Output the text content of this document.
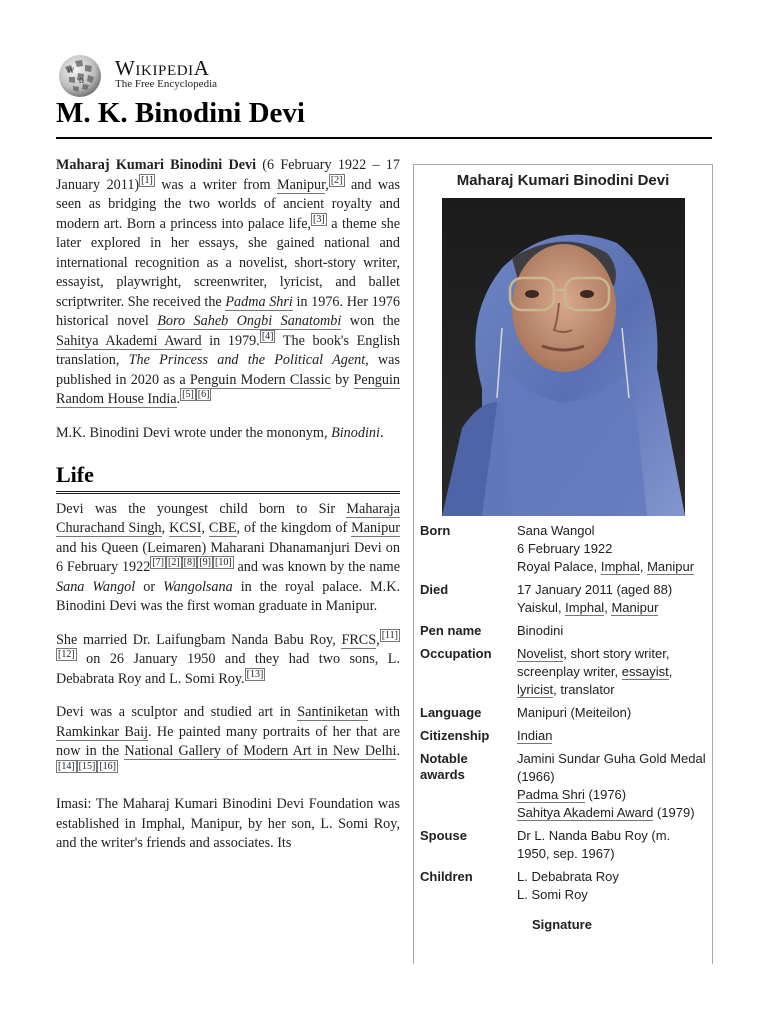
W
Ω
WIKIPEDIA
The Free Encyclopedia
M. K. Binodini Devi

Maharaj Kumari Binodini Devi (6 February 1922 – 17 January 2011) [1] was a writer from Manipur, [2] and was seen as bridging the two worlds of ancient royalty and modern art. Born a princess into palace life, [3] a theme she later explored in her essays, she gained national and international recognition as a novelist, short-story writer, essayist, playwright, screenwriter, lyricist, and ballet scriptwriter. She received the Padma Shri in 1976. Her 1976 historical novel Boro Saheb Ongbi Sanatombi won the Sahitya Akademi Award in 1979. [4] The book's English translation, The Princess and the Political Agent, was published in 2020 as a Penguin Modern Classic by Penguin Random House India. [5] [6]

M.K. Binodini Devi wrote under the mononym, Binodini.

Life

Devi was the youngest child born to Sir Maharaja Churachand Singh, KCSI, CBE, of the kingdom of Manipur and his Queen (Leimaren) Maharani Dhanamanjuri Devi on 6 February 1922 [7] [2] [8] [9] [10] and was known by the name Sana Wangol or Wangolsana in the royal palace. M.K. Binodini Devi was the first woman graduate in Manipur.

She married Dr. Laifungbam Nanda Babu Roy, FRCS, [11][12] on 26 January 1950 and they had two sons, L. Debabrata Roy and L. Somi Roy. [13]

Devi was a sculptor and studied art in Santiniketan with Ramkinkar Baij. He painted many portraits of her that are now in the National Gallery of Modern Art in New Delhi.[14] [15] [16]

Imasi: The Maharaj Kumari Binodini Devi Foundation was established in Imphal, Manipur, by her son, L. Somi Roy, and the writer's friends and associates. Its

Maharaj Kumari Binodini Devi
Born	Sana Wangol
6 February 1922
Royal Palace, Imphal, Manipur

Died	17 January 2011 (aged 88)
Yaiskul, Imphal, Manipur

Pen name	Binodini
Occupation	Novelist, short story writer, screenplay writer, essayist, lyricist, translator
Language	Manipuri (Meiteilon)
Citizenship	Indian
Notable awards	Jamini Sundar Guha Gold Medal (1966)
Padma Shri (1976)
Sahitya Akademi Award (1979)

Spouse	Dr L. Nanda Babu Roy (m. 1950, sep. 1967)
Children	L. Debabrata Roy
L. Somi Roy
Signature
